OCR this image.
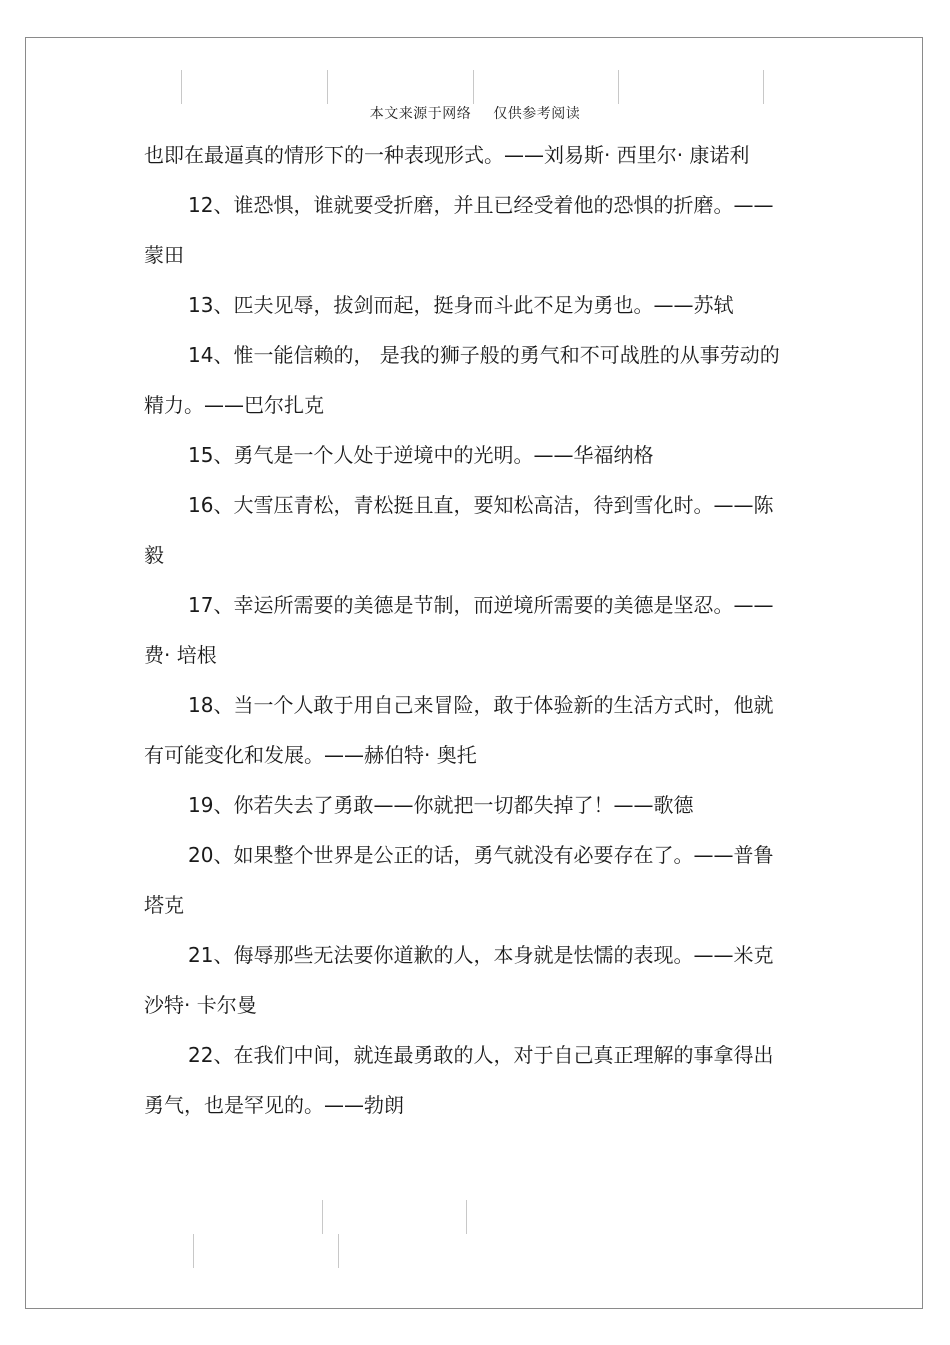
本文来源于网络 仅供参考阅读

也即在最逼真的情形下的一种表现形式。——刘易斯· 西里尔· 康诺利

12、谁恐惧，谁就要受折磨，并且已经受着他的恐惧的折磨。——蒙田

13、匹夫见辱，拔剑而起，挺身而斗此不足为勇也。——苏轼

14、惟一能信赖的， 是我的狮子般的勇气和不可战胜的从事劳动的精力。——巴尔扎克

15、勇气是一个人处于逆境中的光明。——华福纳格

16、大雪压青松，青松挺且直，要知松高洁，待到雪化时。——陈毅

17、幸运所需要的美德是节制，而逆境所需要的美德是坚忍。——费· 培根

18、当一个人敢于用自己来冒险，敢于体验新的生活方式时，他就有可能变化和发展。——赫伯特· 奥托

19、你若失去了勇敢——你就把一切都失掉了！——歌德

20、如果整个世界是公正的话，勇气就没有必要存在了。——普鲁塔克

21、侮辱那些无法要你道歉的人，本身就是怯懦的表现。——米克沙特· 卡尔曼

22、在我们中间，就连最勇敢的人，对于自己真正理解的事拿得出勇气，也是罕见的。——勃朗
